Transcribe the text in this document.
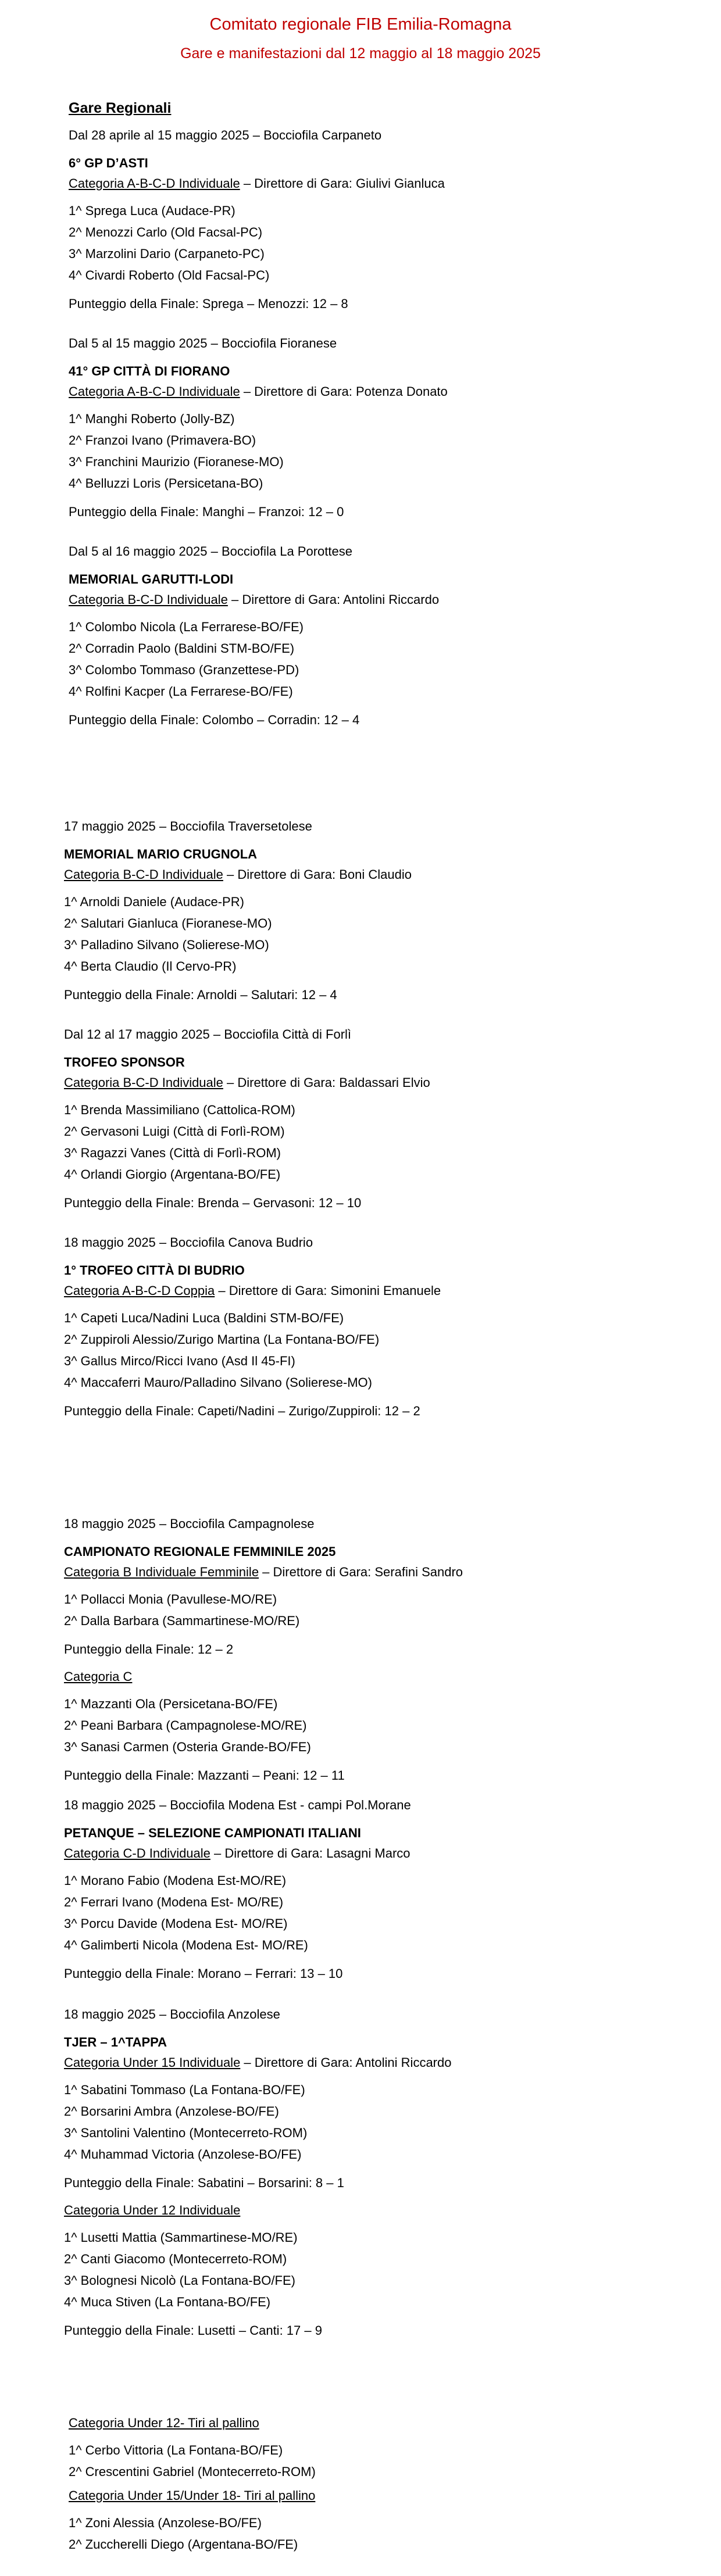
Comitato regionale FIB Emilia-Romagna
Gare e manifestazioni dal 12 maggio al 18 maggio 2025
Gare Regionali
Dal 28 aprile al 15 maggio 2025 – Bocciofila Carpaneto
6° GP D’ASTI
Categoria A-B-C-D Individuale – Direttore di Gara: Giulivi Gianluca
1^ Sprega Luca (Audace-PR)
2^ Menozzi Carlo (Old Facsal-PC)
3^ Marzolini Dario (Carpaneto-PC)
4^ Civardi Roberto (Old Facsal-PC)
Punteggio della Finale: Sprega – Menozzi: 12 – 8
Dal 5 al 15 maggio 2025 – Bocciofila Fioranese
41° GP CITTÀ DI FIORANO
Categoria A-B-C-D Individuale – Direttore di Gara: Potenza Donato
1^ Manghi Roberto (Jolly-BZ)
2^ Franzoi Ivano (Primavera-BO)
3^ Franchini Maurizio (Fioranese-MO)
4^ Belluzzi Loris (Persicetana-BO)
Punteggio della Finale: Manghi – Franzoi: 12 – 0
Dal 5 al 16 maggio 2025 – Bocciofila La Porottese
MEMORIAL GARUTTI-LODI
Categoria B-C-D Individuale – Direttore di Gara: Antolini Riccardo
1^ Colombo Nicola (La Ferrarese-BO/FE)
2^ Corradin Paolo (Baldini STM-BO/FE)
3^ Colombo Tommaso (Granzettese-PD)
4^ Rolfini Kacper (La Ferrarese-BO/FE)
Punteggio della Finale: Colombo – Corradin: 12 – 4
17 maggio 2025 – Bocciofila Traversetolese
MEMORIAL MARIO CRUGNOLA
Categoria B-C-D Individuale – Direttore di Gara: Boni Claudio
1^ Arnoldi Daniele (Audace-PR)
2^ Salutari Gianluca (Fioranese-MO)
3^ Palladino Silvano (Solierese-MO)
4^ Berta Claudio (Il Cervo-PR)
Punteggio della Finale: Arnoldi – Salutari: 12 – 4
Dal 12 al 17 maggio 2025 – Bocciofila Città di Forlì
TROFEO SPONSOR
Categoria B-C-D Individuale – Direttore di Gara: Baldassari Elvio
1^ Brenda Massimiliano (Cattolica-ROM)
2^ Gervasoni Luigi (Città di Forlì-ROM)
3^ Ragazzi Vanes (Città di Forlì-ROM)
4^ Orlandi Giorgio (Argentana-BO/FE)
Punteggio della Finale: Brenda – Gervasoni: 12 – 10
18 maggio 2025 – Bocciofila Canova Budrio
1° TROFEO CITTÀ DI BUDRIO
Categoria A-B-C-D Coppia – Direttore di Gara: Simonini Emanuele
1^ Capeti Luca/Nadini Luca (Baldini STM-BO/FE)
2^ Zuppiroli Alessio/Zurigo Martina (La Fontana-BO/FE)
3^ Gallus Mirco/Ricci Ivano (Asd Il 45-FI)
4^ Maccaferri Mauro/Palladino Silvano (Solierese-MO)
Punteggio della Finale: Capeti/Nadini – Zurigo/Zuppiroli: 12 – 2
18 maggio 2025 – Bocciofila Campagnolese
CAMPIONATO REGIONALE FEMMINILE 2025
Categoria B Individuale Femminile – Direttore di Gara: Serafini Sandro
1^ Pollacci Monia (Pavullese-MO/RE)
2^ Dalla Barbara (Sammartinese-MO/RE)
Punteggio della Finale: 12 – 2
Categoria C
1^ Mazzanti Ola (Persicetana-BO/FE)
2^ Peani Barbara (Campagnolese-MO/RE)
3^ Sanasi Carmen (Osteria Grande-BO/FE)
Punteggio della Finale: Mazzanti – Peani: 12 – 11
18 maggio 2025 – Bocciofila Modena Est - campi Pol.Morane
PETANQUE – SELEZIONE CAMPIONATI ITALIANI
Categoria C-D Individuale – Direttore di Gara: Lasagni Marco
1^ Morano Fabio (Modena Est-MO/RE)
2^ Ferrari Ivano (Modena Est- MO/RE)
3^ Porcu Davide (Modena Est- MO/RE)
4^ Galimberti Nicola (Modena Est- MO/RE)
Punteggio della Finale: Morano – Ferrari: 13 – 10
18 maggio 2025 – Bocciofila Anzolese
TJER – 1^TAPPA
Categoria Under 15 Individuale – Direttore di Gara: Antolini Riccardo
1^ Sabatini Tommaso (La Fontana-BO/FE)
2^ Borsarini Ambra (Anzolese-BO/FE)
3^ Santolini Valentino (Montecerreto-ROM)
4^ Muhammad Victoria (Anzolese-BO/FE)
Punteggio della Finale: Sabatini – Borsarini: 8 – 1
Categoria Under 12 Individuale
1^ Lusetti Mattia (Sammartinese-MO/RE)
2^ Canti Giacomo (Montecerreto-ROM)
3^ Bolognesi Nicolò (La Fontana-BO/FE)
4^ Muca Stiven (La Fontana-BO/FE)
Punteggio della Finale: Lusetti – Canti: 17 – 9
Categoria Under 12- Tiri al pallino
1^ Cerbo Vittoria (La Fontana-BO/FE)
2^ Crescentini Gabriel (Montecerreto-ROM)
Categoria Under 15/Under 18- Tiri al pallino
1^ Zoni Alessia (Anzolese-BO/FE)
2^ Zuccherelli Diego (Argentana-BO/FE)
